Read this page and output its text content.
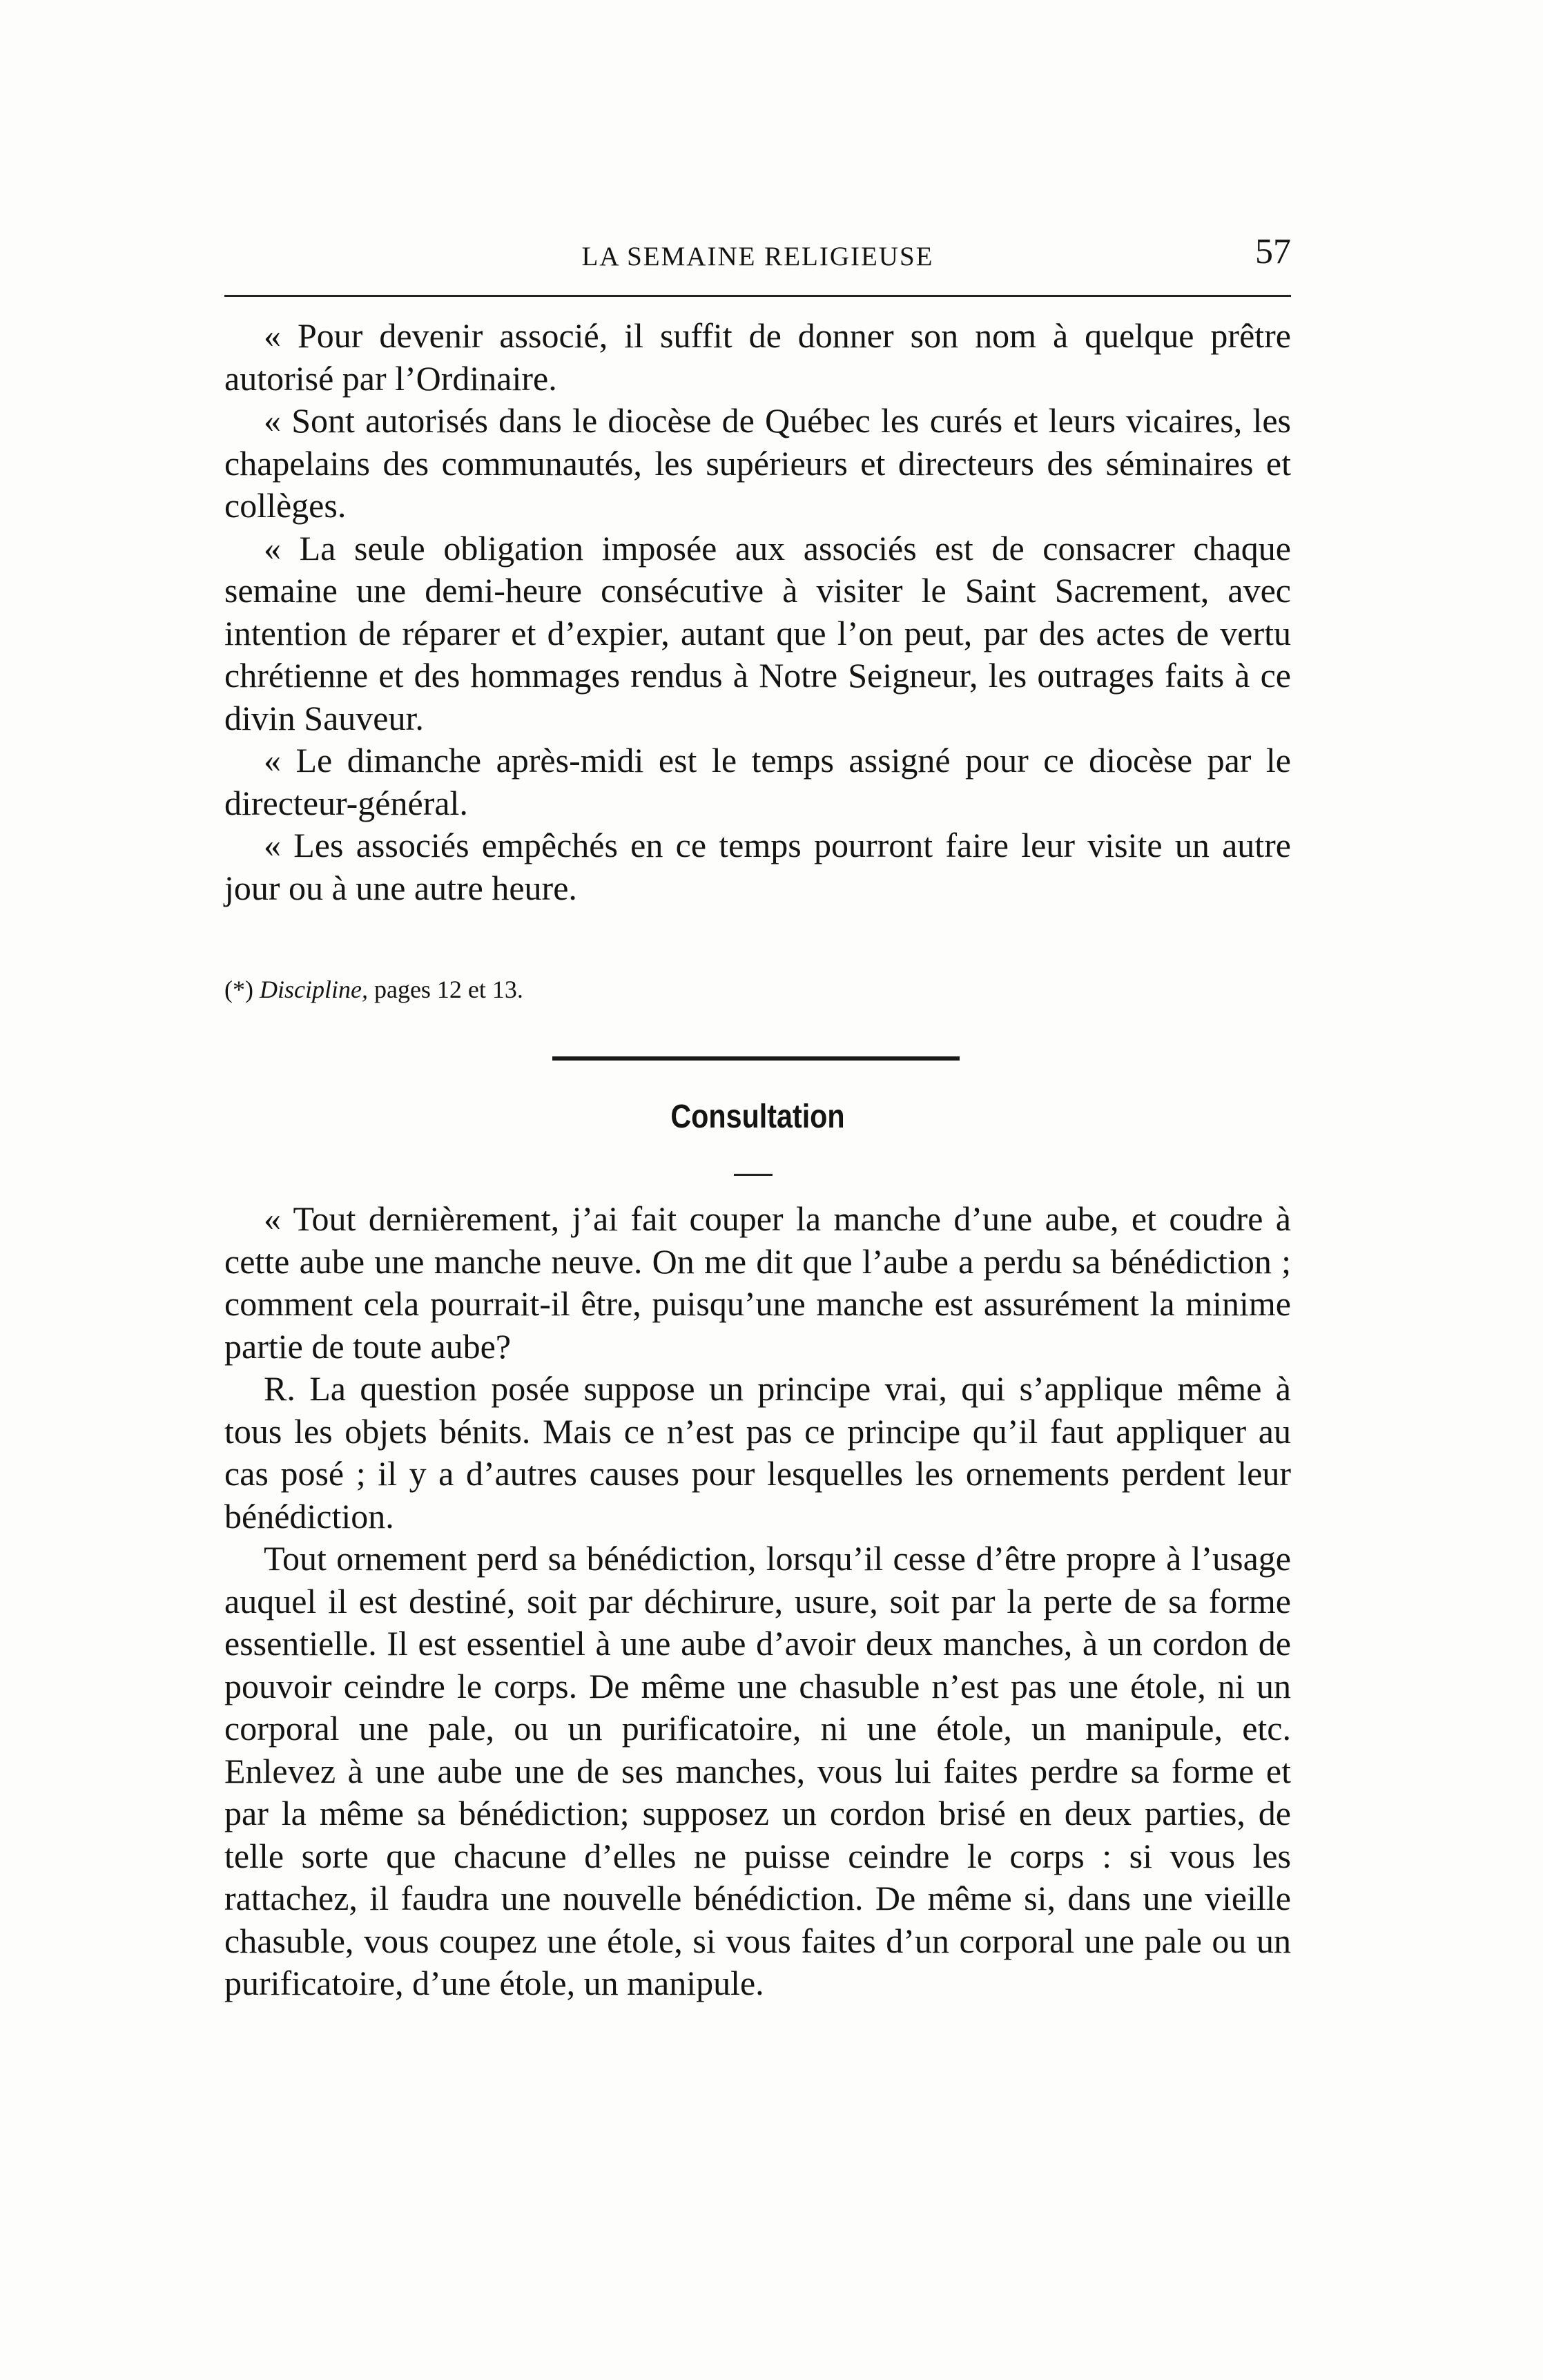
LA SEMAINE RELIGIEUSE	57

« Pour devenir associé, il suffit de donner son nom à quelque prêtre autorisé par l’Ordinaire.

« Sont autorisés dans le diocèse de Québec les curés et leurs vicaires, les chapelains des communautés, les supérieurs et directeurs des séminaires et collèges.

« La seule obligation imposée aux associés est de consacrer chaque semaine une demi-heure consécutive à visiter le Saint Sacrement, avec intention de réparer et d’expier, autant que l’on peut, par des actes de vertu chrétienne et des hommages rendus à Notre Seigneur, les outrages faits à ce divin Sauveur.

« Le dimanche après-midi est le temps assigné pour ce diocèse par le directeur-général.

« Les associés empêchés en ce temps pourront faire leur visite un autre jour ou à une autre heure.

(*) Discipline, pages 12 et 13.
Consultation

« Tout dernièrement, j’ai fait couper la manche d’une aube, et coudre à cette aube une manche neuve. On me dit que l’aube a perdu sa bénédiction ; comment cela pourrait-il être, puisqu’une manche est assurément la minime partie de toute aube?

R. La question posée suppose un principe vrai, qui s’applique même à tous les objets bénits. Mais ce n’est pas ce principe qu’il faut appliquer au cas posé ; il y a d’autres causes pour lesquelles les ornements perdent leur bénédiction.

Tout ornement perd sa bénédiction, lorsqu’il cesse d’être propre à l’usage auquel il est destiné, soit par déchirure, usure, soit par la perte de sa forme essentielle. Il est essentiel à une aube d’avoir deux manches, à un cordon de pouvoir ceindre le corps. De même une chasuble n’est pas une étole, ni un corporal une pale, ou un purificatoire, ni une étole, un manipule, etc. Enlevez à une aube une de ses manches, vous lui faites perdre sa forme et par la même sa bénédiction; supposez un cordon brisé en deux parties, de telle sorte que chacune d’elles ne puisse ceindre le corps : si vous les rattachez, il faudra une nouvelle bénédiction. De même si, dans une vieille chasuble, vous coupez une étole, si vous faites d’un corporal une pale ou un purificatoire, d’une étole, un manipule.
